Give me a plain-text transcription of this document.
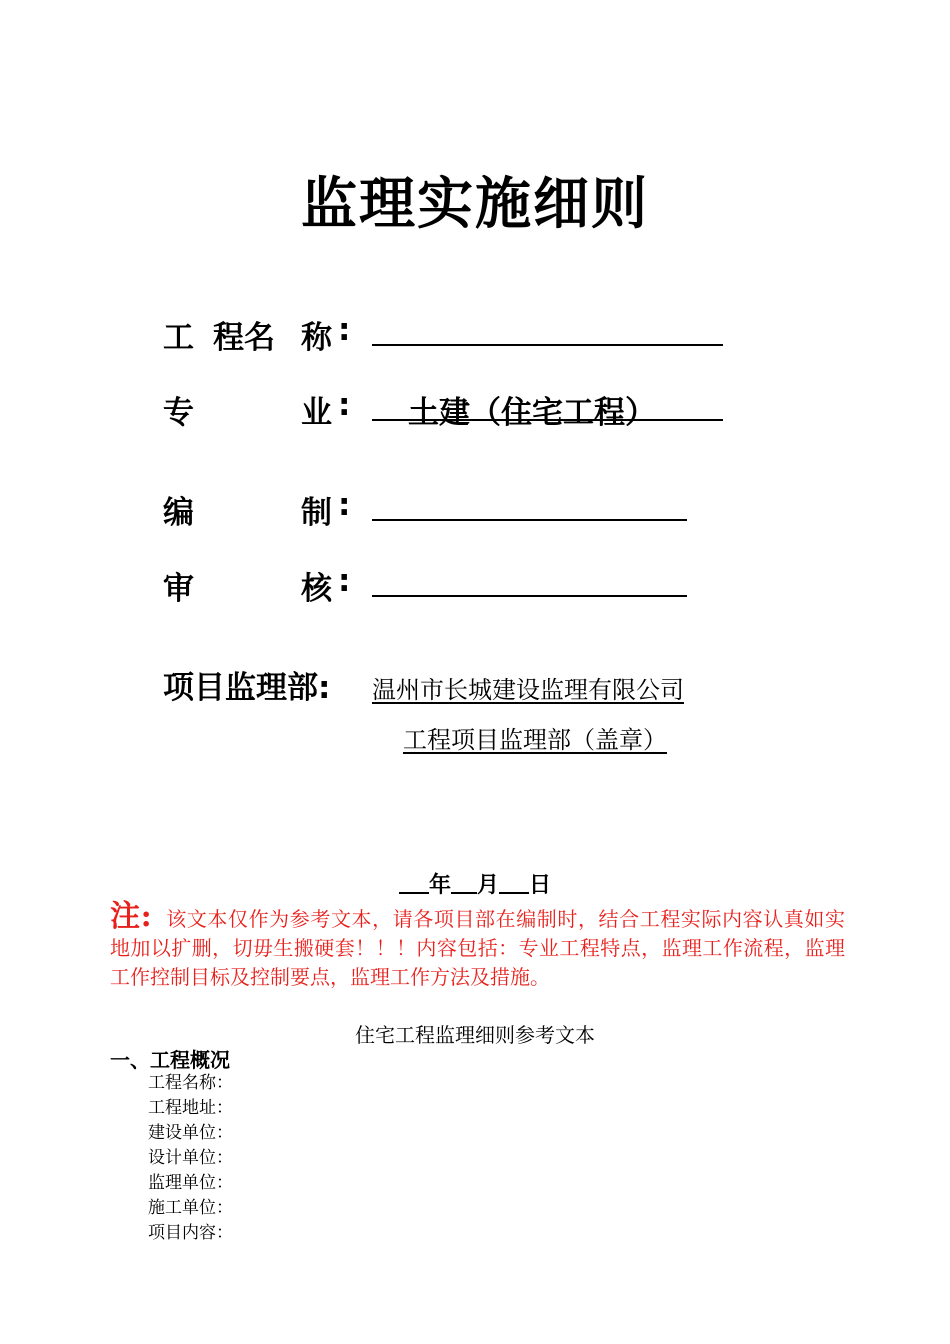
监理实施细则
工 程名 称 :
专	业 : 土建（住宅工程）
编	制 :
审	核 :
项目监理部: 温州市长城建设监理有限公司
工程项目监理部（盖章）
年 月 日
注: 该文本仅作为参考文本，请各项目部在编制时，结合工程实际内容认真如实地加以扩删，切毋生搬硬套！！！内容包括：专业工程特点，监理工作流程，监理工作控制目标及控制要点，监理工作方法及措施。
住宅工程监理细则参考文本
一、工程概况
工程名称：
工程地址：
建设单位：
设计单位：
监理单位：
施工单位：
项目内容：
